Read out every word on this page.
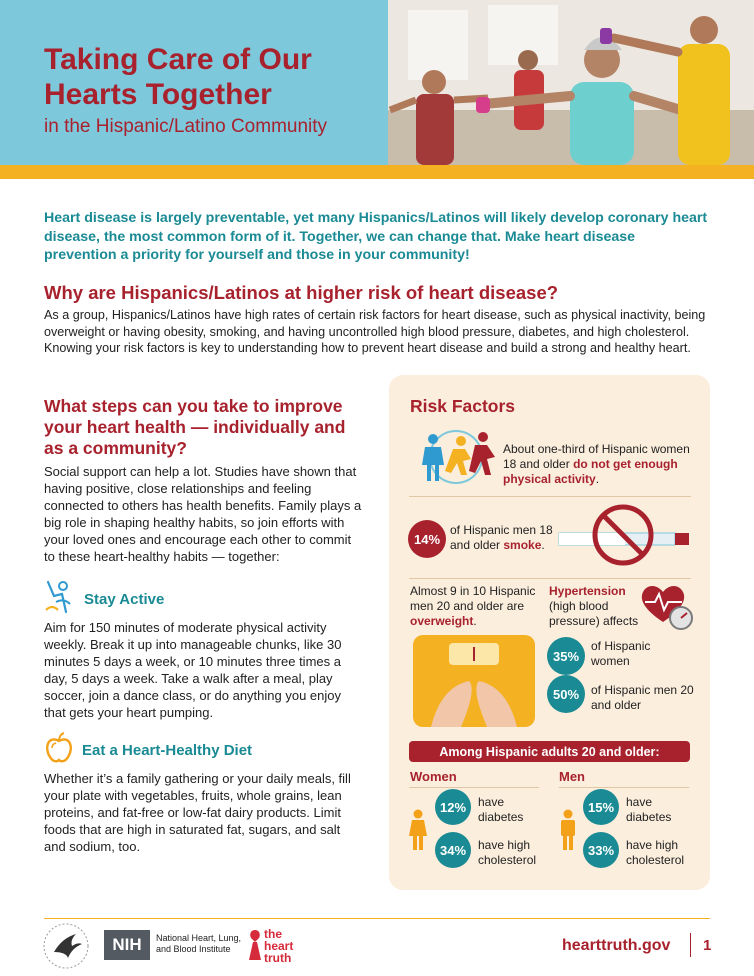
Taking Care of Our Hearts Together
in the Hispanic/Latino Community
Heart disease is largely preventable, yet many Hispanics/Latinos will likely develop coronary heart disease, the most common form of it. Together, we can change that. Make heart disease prevention a priority for yourself and those in your community!
Why are Hispanics/Latinos at higher risk of heart disease?
As a group, Hispanics/Latinos have high rates of certain risk factors for heart disease, such as physical inactivity, being overweight or having obesity, smoking, and having uncontrolled high blood pressure, diabetes, and high cholesterol. Knowing your risk factors is key to understanding how to prevent heart disease and build a strong and healthy heart.
What steps can you take to improve your heart health — individually and as a community?
Social support can help a lot. Studies have shown that having positive, close relationships and feeling connected to others has health benefits. Family plays a big role in shaping healthy habits, so join efforts with your loved ones and encourage each other to commit to these heart-healthy habits — together:
Stay Active
Aim for 150 minutes of moderate physical activity weekly. Break it up into manageable chunks, like 30 minutes 5 days a week, or 10 minutes three times a day, 5 days a week. Take a walk after a meal, play soccer, join a dance class, or do anything you enjoy that gets your heart pumping.
Eat a Heart-Healthy Diet
Whether it’s a family gathering or your daily meals, fill your plate with vegetables, fruits, whole grains, lean proteins, and fat-free or low-fat dairy products. Limit foods that are high in saturated fat, sugars, and salt and sodium, too.
Risk Factors
About one-third of Hispanic women 18 and older do not get enough physical activity.
14%
of Hispanic men 18 and older smoke.
Almost 9 in 10 Hispanic men 20 and older are overweight.
Hypertension (high blood pressure) affects
35%
of Hispanic women
50% of Hispanic men 20 and older
Among Hispanic adults 20 and older:
Women
12% have diabetes
34% have high cholesterol
Men
15% have diabetes
33% have high cholesterol
NIH	National Heart, Lung, and Blood Institute
the heart truth
hearttruth.gov 1
